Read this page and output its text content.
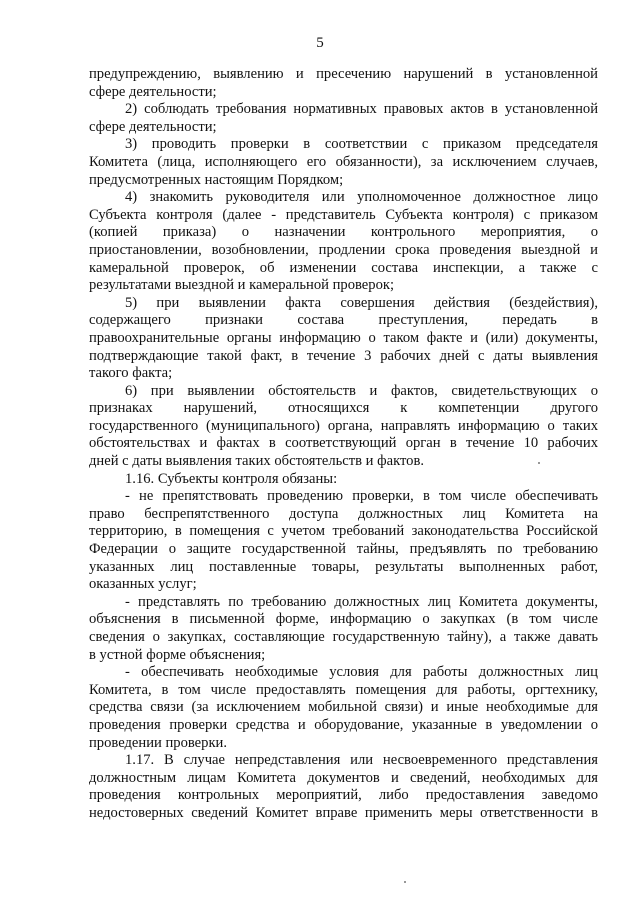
5
предупреждению, выявлению и пресечению нарушений в установленной
сфере деятельности;
2) соблюдать требования нормативных правовых актов в установленной
сфере деятельности;
3) проводить проверки в соответствии с приказом председателя
Комитета (лица, исполняющего его обязанности), за исключением случаев,
предусмотренных настоящим Порядком;
4) знакомить руководителя или уполномоченное должностное лицо
Субъекта контроля (далее - представитель Субъекта контроля) с приказом
(копией приказа) о назначении контрольного мероприятия, о
приостановлении, возобновлении, продлении срока проведения выездной и
камеральной проверок, об изменении состава инспекции, а также с
результатами выездной и камеральной проверок;
5) при выявлении факта совершения действия (бездействия),
содержащего признаки состава преступления, передать в
правоохранительные органы информацию о таком факте и (или) документы,
подтверждающие такой факт, в течение 3 рабочих дней с даты выявления
такого факта;
6) при выявлении обстоятельств и фактов, свидетельствующих о
признаках нарушений, относящихся к компетенции другого
государственного (муниципального) органа, направлять информацию о таких
обстоятельствах и фактах в соответствующий орган в течение 10 рабочих
дней с даты выявления таких обстоятельств и фактов.
1.16. Субъекты контроля обязаны:
- не препятствовать проведению проверки, в том числе обеспечивать
право беспрепятственного доступа должностных лиц Комитета на
территорию, в помещения с учетом требований законодательства Российской
Федерации о защите государственной тайны, предъявлять по требованию
указанных лиц поставленные товары, результаты выполненных работ,
оказанных услуг;
- представлять по требованию должностных лиц Комитета документы,
объяснения в письменной форме, информацию о закупках (в том числе
сведения о закупках, составляющие государственную тайну), а также давать
в устной форме объяснения;
- обеспечивать необходимые условия для работы должностных лиц
Комитета, в том числе предоставлять помещения для работы, оргтехнику,
средства связи (за исключением мобильной связи) и иные необходимые для
проведения проверки средства и оборудование, указанные в уведомлении о
проведении проверки.
1.17. В случае непредставления или несвоевременного представления
должностным лицам Комитета документов и сведений, необходимых для
проведения контрольных мероприятий, либо предоставления заведомо
недостоверных сведений Комитет вправе применить меры ответственности в
